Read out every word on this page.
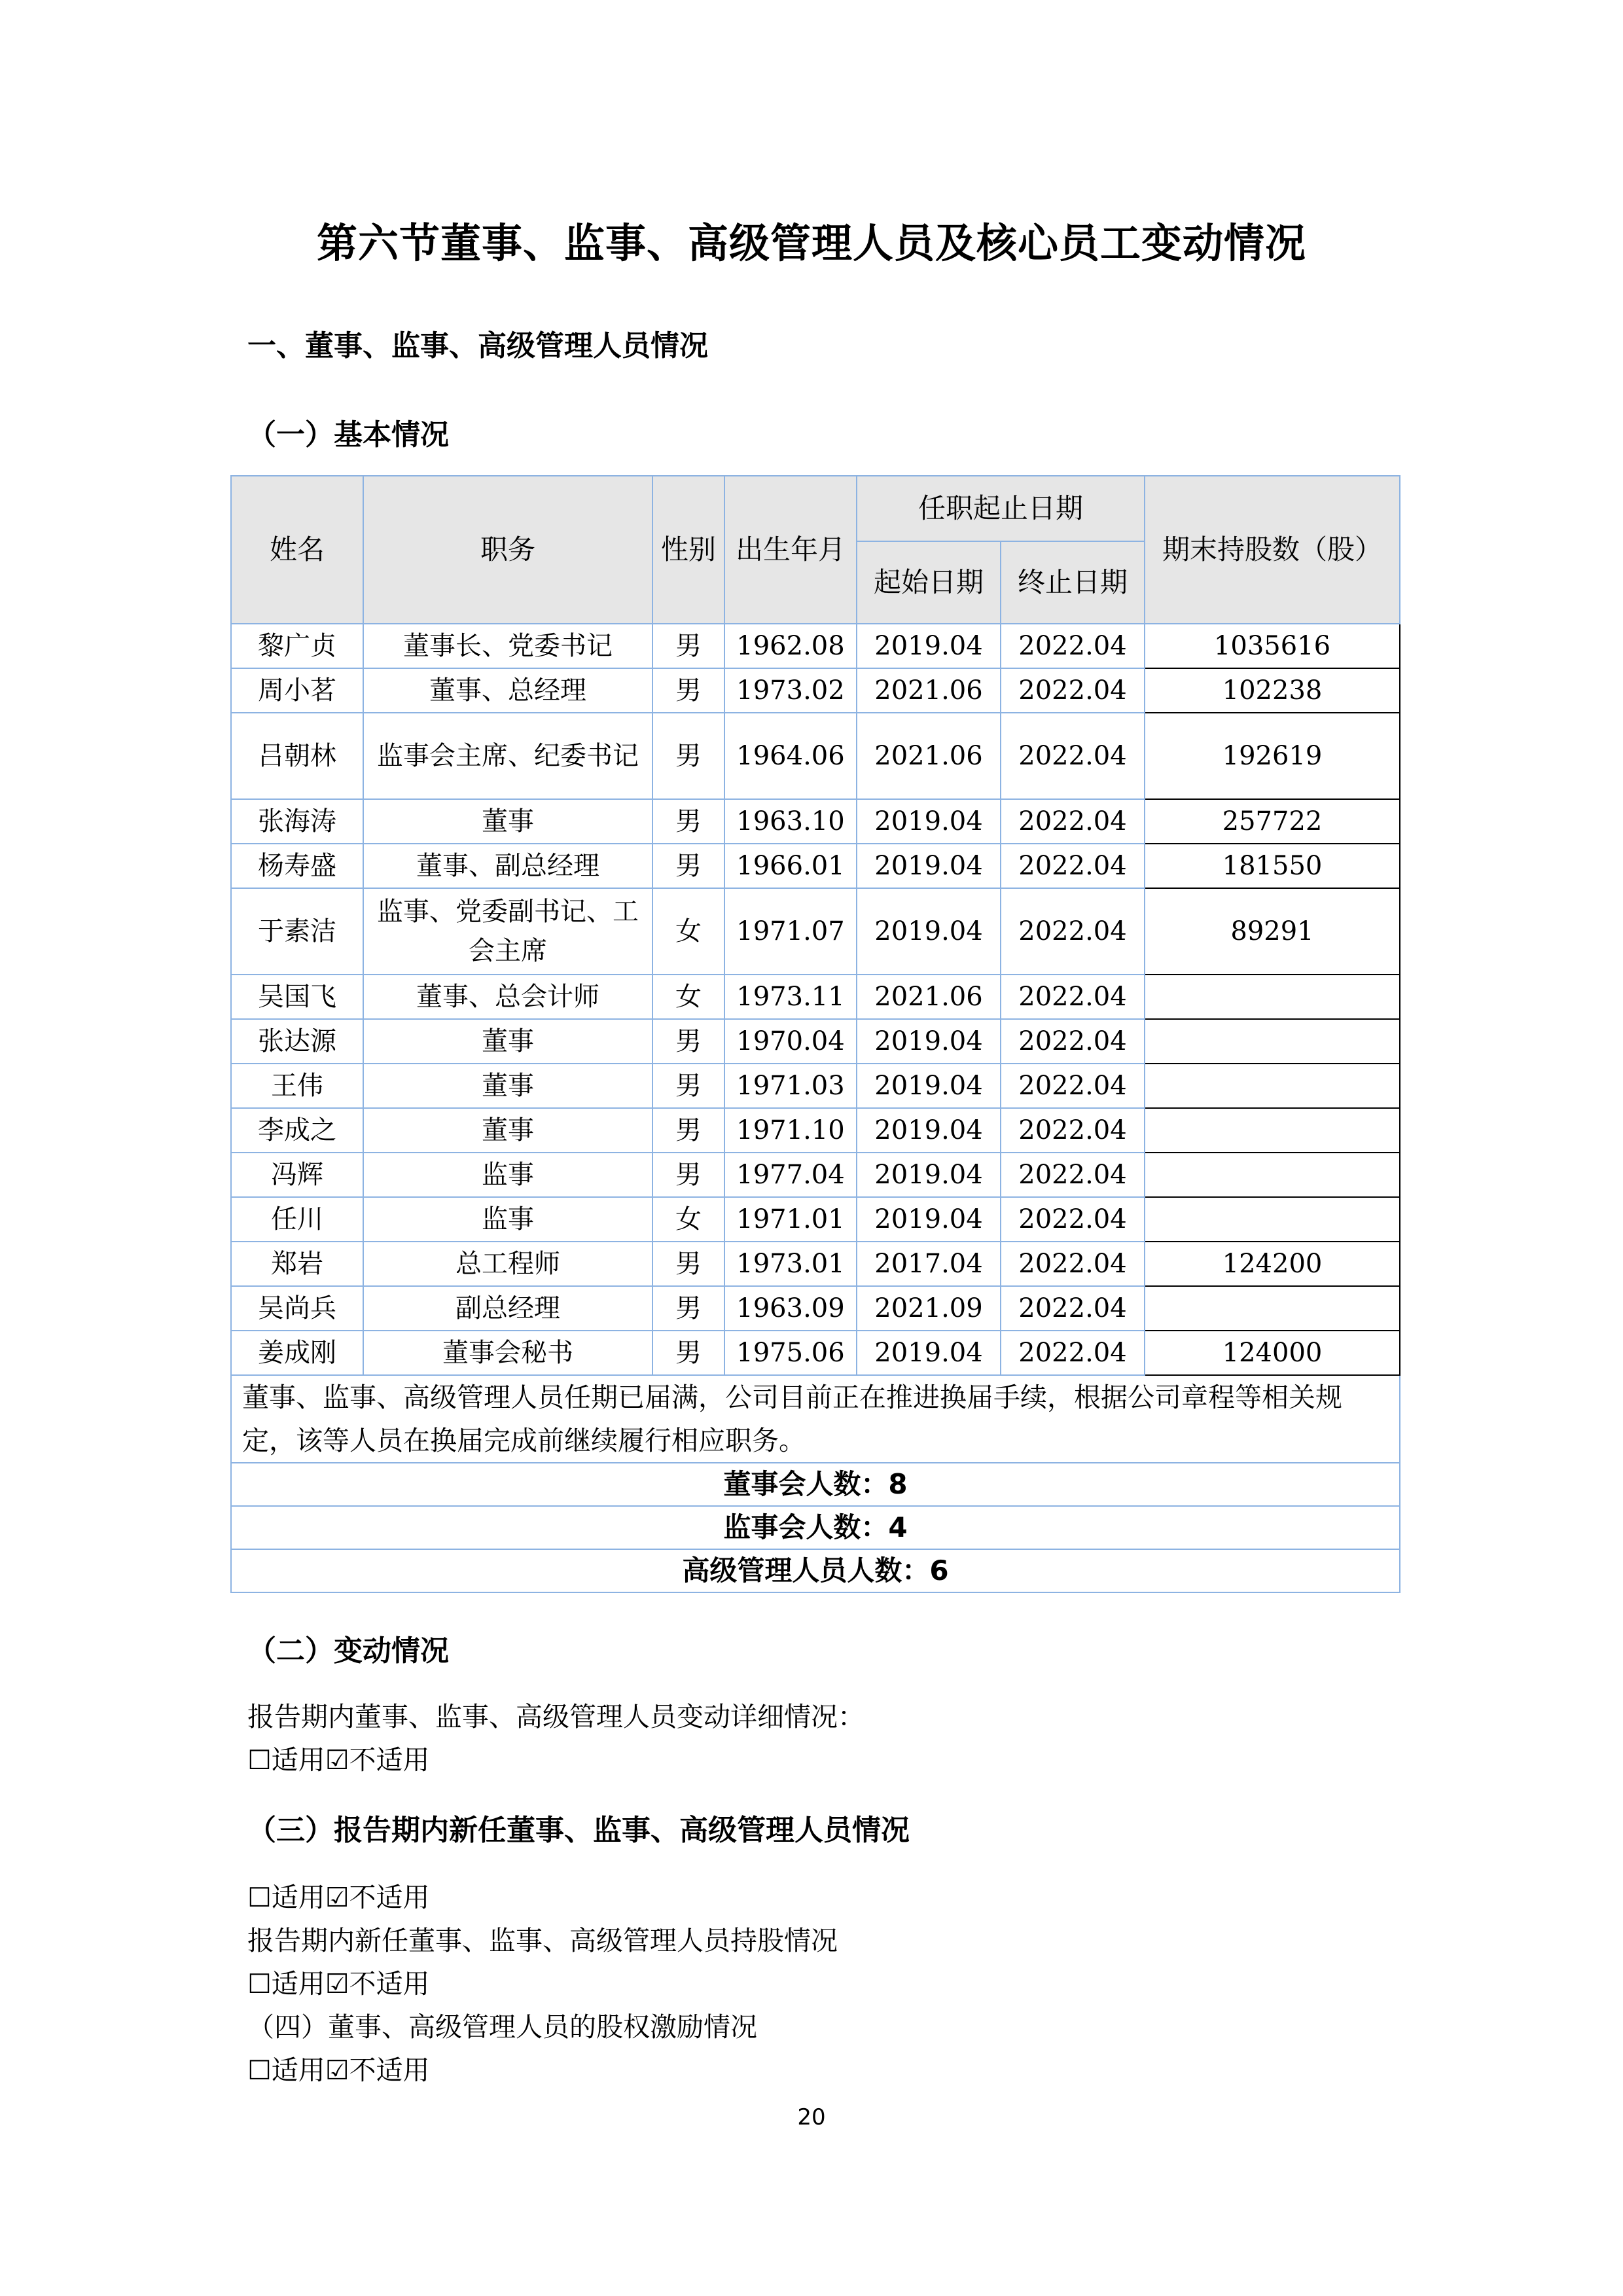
第六节董事、监事、高级管理人员及核心员工变动情况
一、董事、监事、高级管理人员情况
（一）基本情况
姓名	职务	性别	出生年月	任职起止日期		期末持股数（股）
				起始日期	终止日期	
黎广贞	董事长、党委书记	男	1962.08	2019.04	2022.04	1035616
周小茗	董事、总经理	男	1973.02	2021.06	2022.04	102238
吕朝林	监事会主席、纪委书记	男	1964.06	2021.06	2022.04	192619
张海涛	董事	男	1963.10	2019.04	2022.04	257722
杨寿盛	董事、副总经理	男	1966.01	2019.04	2022.04	181550
于素洁	监事、党委副书记、工会主席	女	1971.07	2019.04	2022.04	89291
吴国飞	董事、总会计师	女	1973.11	2021.06	2022.04	
张达源	董事	男	1970.04	2019.04	2022.04	
王伟	董事	男	1971.03	2019.04	2022.04	
李成之	董事	男	1971.10	2019.04	2022.04	
冯辉	监事	男	1977.04	2019.04	2022.04	
任川	监事	女	1971.01	2019.04	2022.04	
郑岩	总工程师	男	1973.01	2017.04	2022.04	124200
吴尚兵	副总经理	男	1963.09	2021.09	2022.04	
姜成刚	董事会秘书	男	1975.06	2019.04	2022.04	124000
董事、监事、高级管理人员任期已届满，公司目前正在推进换届手续，根据公司章程等相关规定，该等人员在换届完成前继续履行相应职务。						
董事会人数：8						
监事会人数：4						
高级管理人员人数：6						
（二）变动情况

报告期内董事、监事、高级管理人员变动详细情况：

☐适用☑不适用

（三）报告期内新任董事、监事、高级管理人员情况

☐适用☑不适用

报告期内新任董事、监事、高级管理人员持股情况

☐适用☑不适用

（四）董事、高级管理人员的股权激励情况

☐适用☑不适用

20
